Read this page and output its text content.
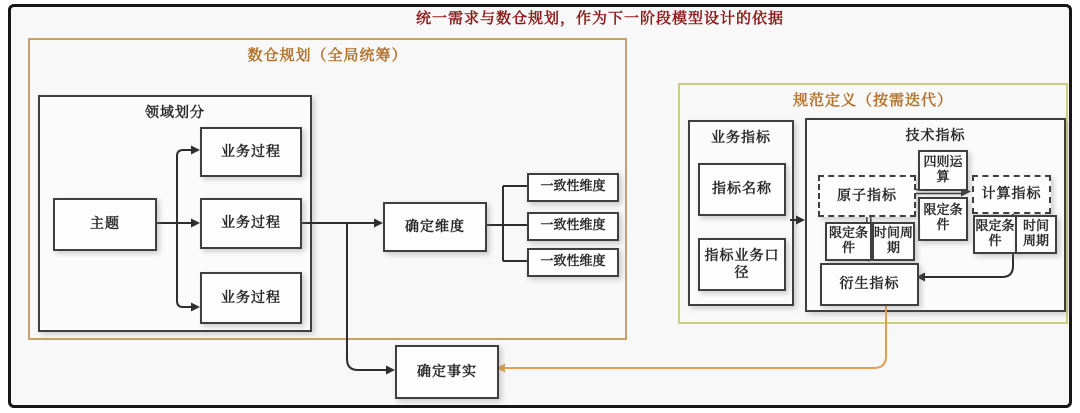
统一需求与数仓规划，作为下一阶段模型设计的依据
数仓规划（全局统筹）
领域划分
主题
业务过程
业务过程
业务过程
确定维度
一致性维度
一致性维度
一致性维度
确定事实
规范定义（按需迭代）
业务指标
指标名称
指标业务口径
技术指标
原子指标
四则运算
限定条件
计算指标
限定条件
时间周期
限定条件
时间周期
衍生指标
